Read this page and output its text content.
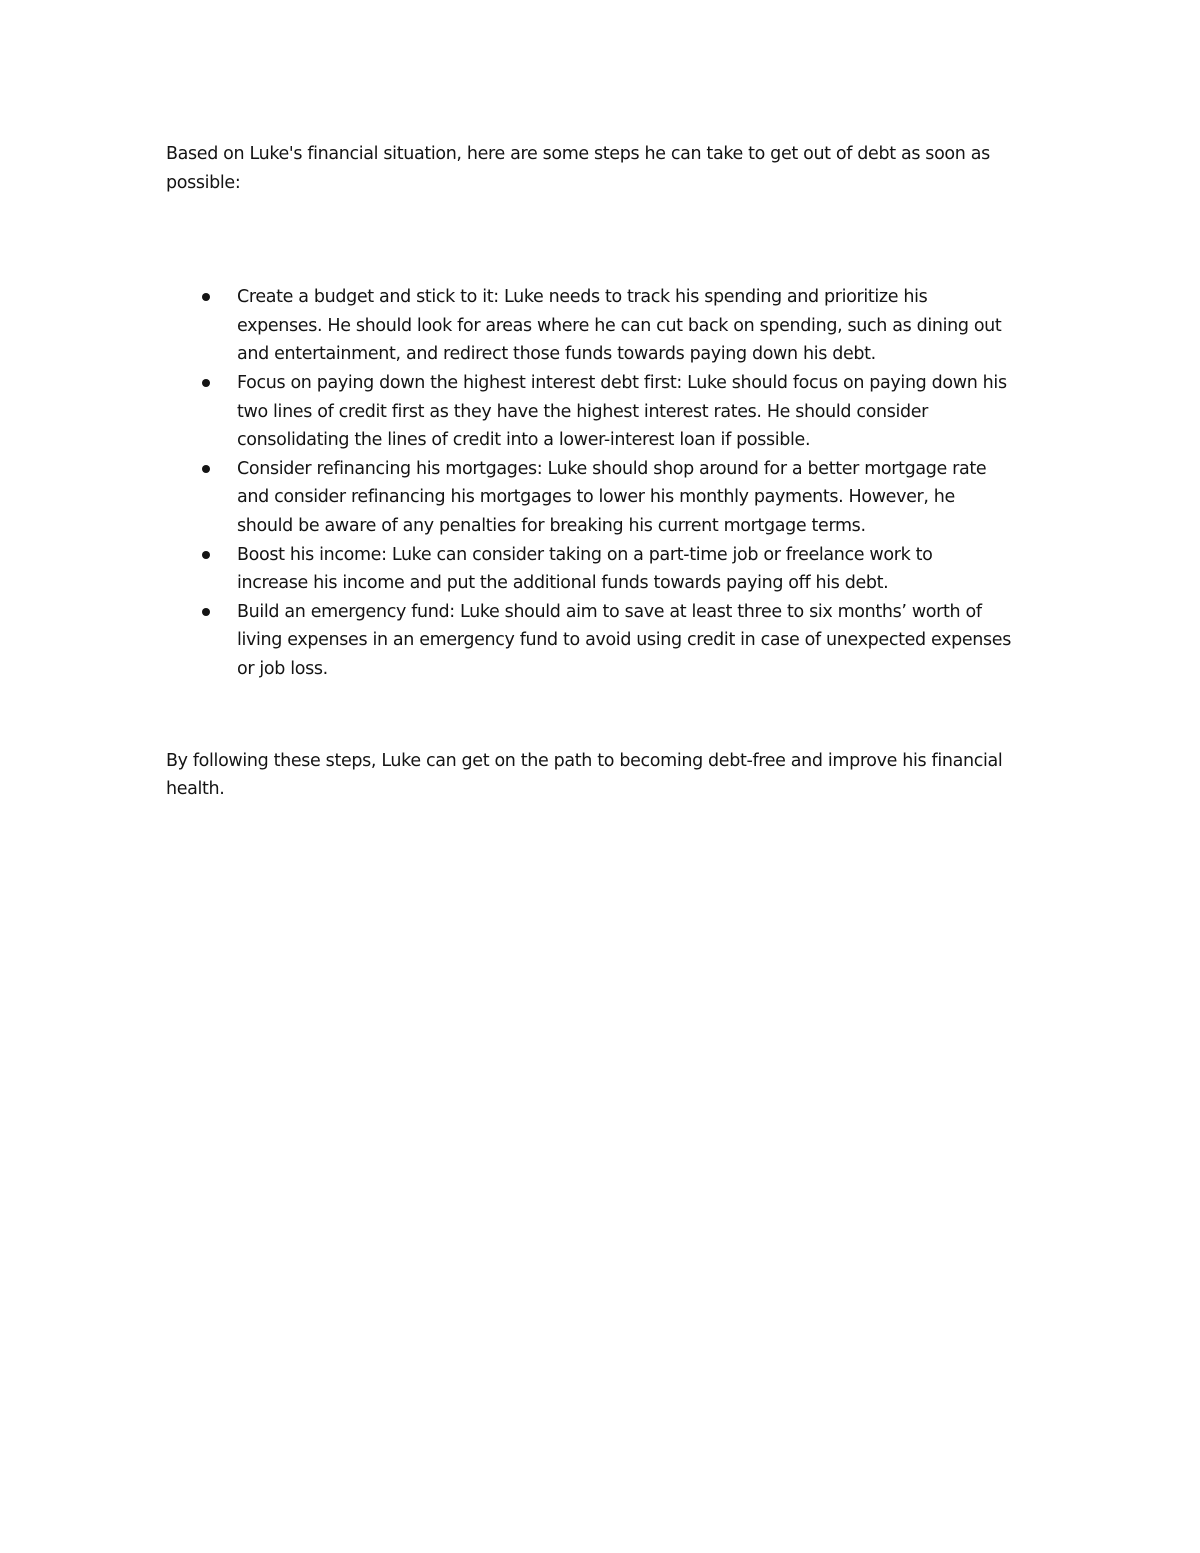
Based on Luke's financial situation, here are some steps he can take to get out of debt as soon as
possible:

Create a budget and stick to it: Luke needs to track his spending and prioritize his
expenses. He should look for areas where he can cut back on spending, such as dining out
and entertainment, and redirect those funds towards paying down his debt.
Focus on paying down the highest interest debt first: Luke should focus on paying down his
two lines of credit first as they have the highest interest rates. He should consider
consolidating the lines of credit into a lower-interest loan if possible.
Consider refinancing his mortgages: Luke should shop around for a better mortgage rate
and consider refinancing his mortgages to lower his monthly payments. However, he
should be aware of any penalties for breaking his current mortgage terms.
Boost his income: Luke can consider taking on a part-time job or freelance work to
increase his income and put the additional funds towards paying off his debt.
Build an emergency fund: Luke should aim to save at least three to six months’ worth of
living expenses in an emergency fund to avoid using credit in case of unexpected expenses
or job loss.

By following these steps, Luke can get on the path to becoming debt-free and improve his financial
health.
